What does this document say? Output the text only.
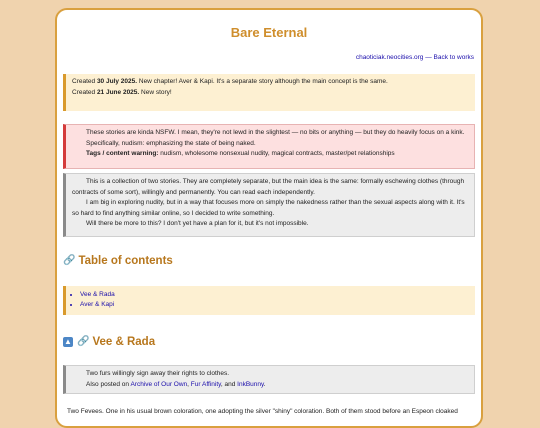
Bare Eternal
chaoticiak.neocities.org — Back to works
Created 30 July 2025. New chapter! Aver & Kapi. It's a separate story although the main concept is the same.
Created 21 June 2025. New story!
These stories are kinda NSFW. I mean, they're not lewd in the slightest — no bits or anything — but they do heavily focus on a kink. Specifically, nudism: emphasizing the state of being naked.
Tags / content warning: nudism, wholesome nonsexual nudity, magical contracts, master/pet relationships
This is a collection of two stories. They are completely separate, but the main idea is the same: formally eschewing clothes (through contracts of some sort), willingly and permanently. You can read each independently.
I am big in exploring nudity, but in a way that focuses more on simply the nakedness rather than the sexual aspects along with it. It's so hard to find anything similar online, so I decided to write something.
Will there be more to this? I don't yet have a plan for it, but it's not impossible.
🔗 Table of contents
• Vee & Rada
• Aver & Kapi
▲ 🔗 Vee & Rada
Two furs willingly sign away their rights to clothes.
Also posted on Archive of Our Own, Fur Affinity, and InkBunny.
Two Fevees. One in his usual brown coloration, one adopting the silver "shiny" coloration. Both of them stood before an Espeon cloaked
